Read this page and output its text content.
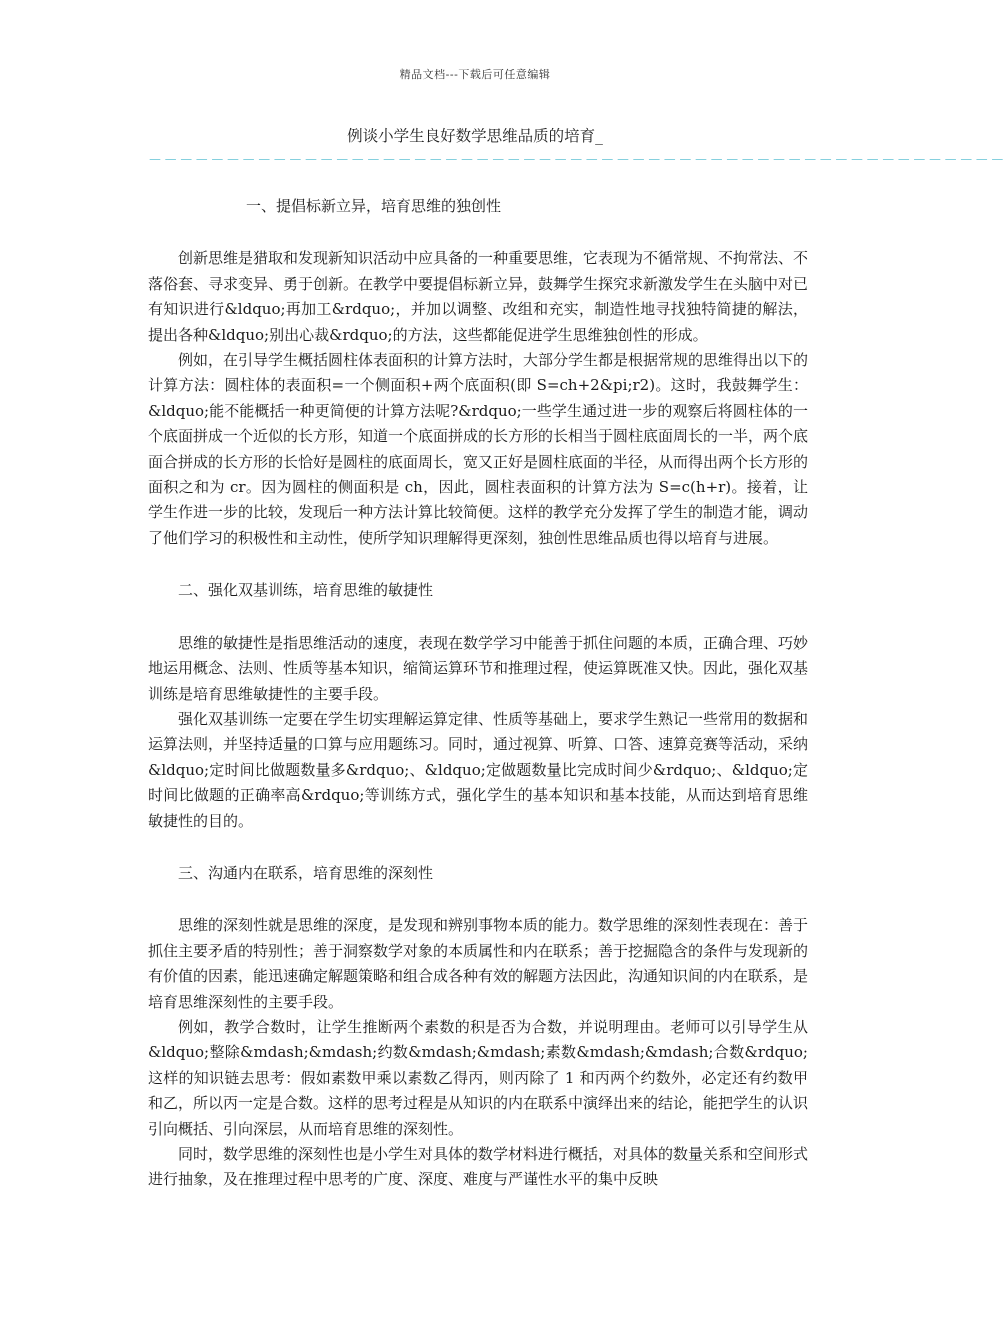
精品文档---下载后可任意编辑
例谈小学生良好数学思维品质的培育_
－－－－－－－－－－－－－－－－－－－－－－－－－－－－－－－－－－－－－－－－－－－－－－－－－－－－－－－
一、提倡标新立异，培育思维的独创性

创新思维是猎取和发现新知识活动中应具备的一种重要思维，它表现为不循常规、不拘常法、不落俗套、寻求变异、勇于创新。在教学中要提倡标新立异，鼓舞学生探究求新激发学生在头脑中对已有知识进行&ldquo;再加工&rdquo;，并加以调整、改组和充实，制造性地寻找独特简捷的解法，提出各种&ldquo;别出心裁&rdquo;的方法，这些都能促进学生思维独创性的形成。

例如，在引导学生概括圆柱体表面积的计算方法时，大部分学生都是根据常规的思维得出以下的计算方法：圆柱体的表面积=一个侧面积+两个底面积(即 S=ch+2&pi;r2)。这时，我鼓舞学生：&ldquo;能不能概括一种更简便的计算方法呢?&rdquo;一些学生通过进一步的观察后将圆柱体的一个底面拼成一个近似的长方形，知道一个底面拼成的长方形的长相当于圆柱底面周长的一半，两个底面合拼成的长方形的长恰好是圆柱的底面周长，宽又正好是圆柱底面的半径，从而得出两个长方形的面积之和为 cr。因为圆柱的侧面积是 ch，因此，圆柱表面积的计算方法为 S=c(h+r)。接着，让学生作进一步的比较，发现后一种方法计算比较简便。这样的教学充分发挥了学生的制造才能，调动了他们学习的积极性和主动性，使所学知识理解得更深刻，独创性思维品质也得以培育与进展。

二、强化双基训练，培育思维的敏捷性

思维的敏捷性是指思维活动的速度，表现在数学学习中能善于抓住问题的本质，正确合理、巧妙地运用概念、法则、性质等基本知识，缩简运算环节和推理过程，使运算既准又快。因此，强化双基训练是培育思维敏捷性的主要手段。

强化双基训练一定要在学生切实理解运算定律、性质等基础上，要求学生熟记一些常用的数据和运算法则，并坚持适量的口算与应用题练习。同时，通过视算、听算、口答、速算竞赛等活动，采纳&ldquo;定时间比做题数量多&rdquo;、&ldquo;定做题数量比完成时间少&rdquo;、&ldquo;定时间比做题的正确率高&rdquo;等训练方式，强化学生的基本知识和基本技能，从而达到培育思维敏捷性的目的。

三、沟通内在联系，培育思维的深刻性

思维的深刻性就是思维的深度，是发现和辨别事物本质的能力。数学思维的深刻性表现在：善于抓住主要矛盾的特别性；善于洞察数学对象的本质属性和内在联系；善于挖掘隐含的条件与发现新的有价值的因素，能迅速确定解题策略和组合成各种有效的解题方法因此，沟通知识间的内在联系，是培育思维深刻性的主要手段。

例如，教学合数时，让学生推断两个素数的积是否为合数，并说明理由。老师可以引导学生从&ldquo;整除&mdash;&mdash;约数&mdash;&mdash;素数&mdash;&mdash;合数&rdquo;这样的知识链去思考：假如素数甲乘以素数乙得丙，则丙除了 1 和丙两个约数外，必定还有约数甲和乙，所以丙一定是合数。这样的思考过程是从知识的内在联系中演绎出来的结论，能把学生的认识引向概括、引向深层，从而培育思维的深刻性。

同时，数学思维的深刻性也是小学生对具体的数学材料进行概括，对具体的数量关系和空间形式进行抽象，及在推理过程中思考的广度、深度、难度与严谨性水平的集中反映
